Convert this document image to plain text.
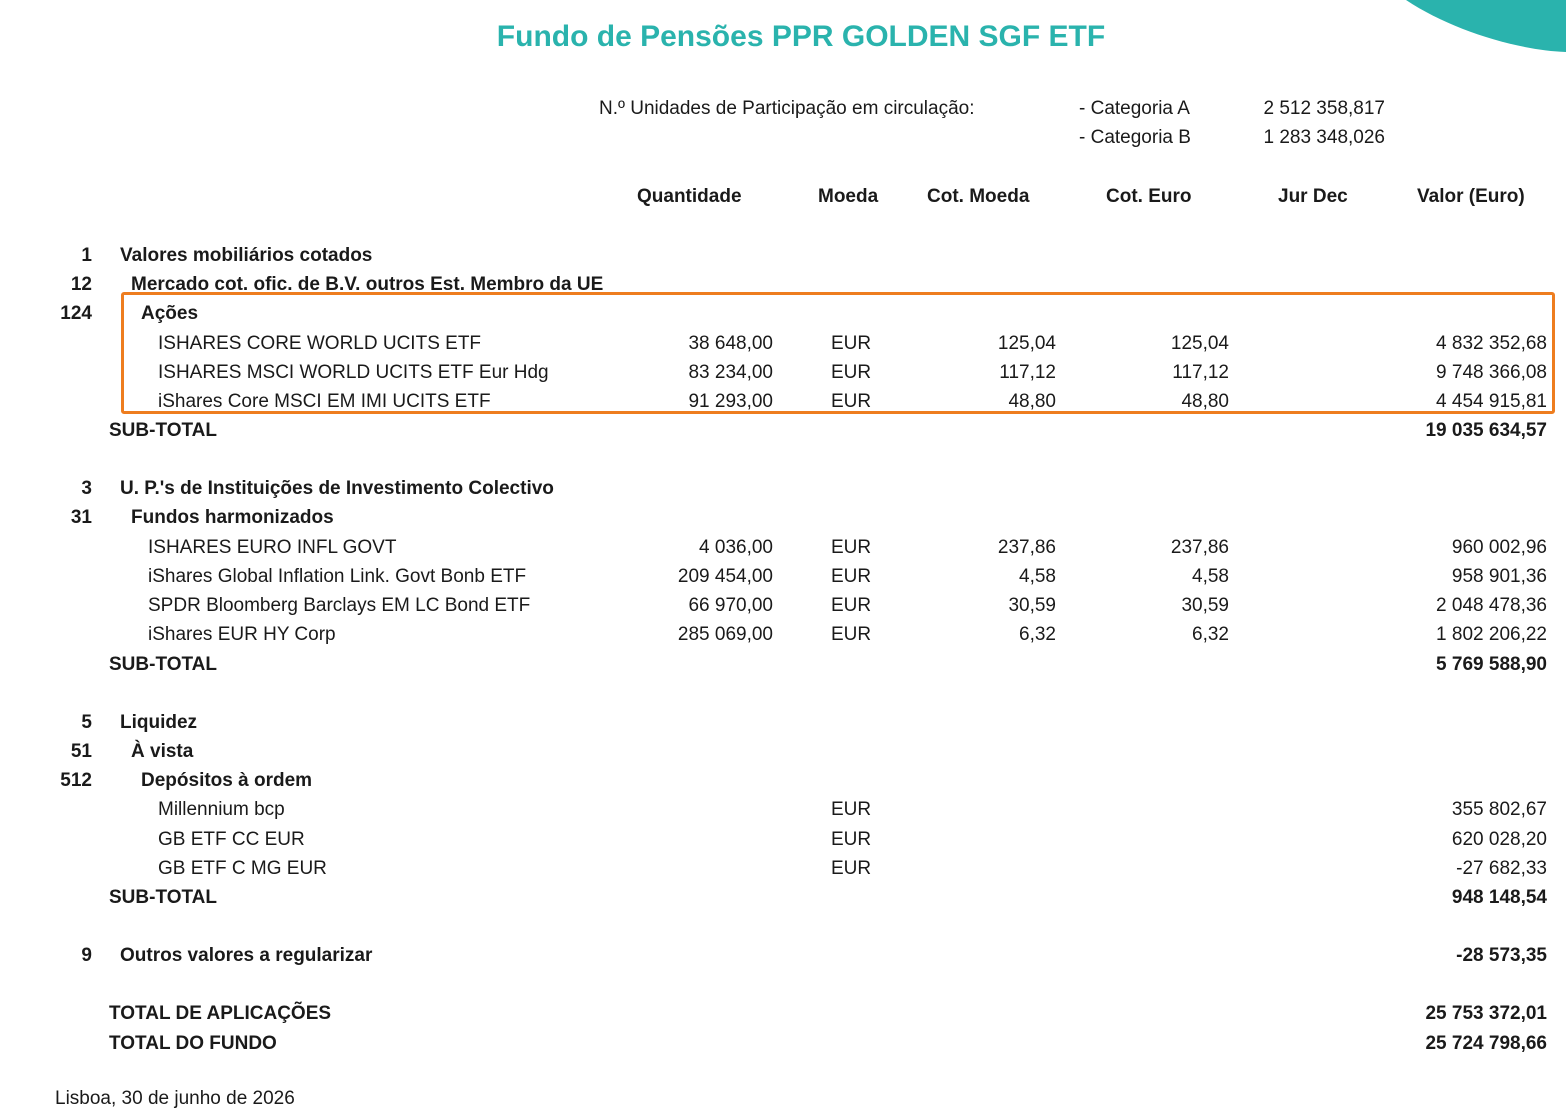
Fundo de Pensões PPR GOLDEN SGF ETF
N.º Unidades de Participação em circulação:	- Categoria A	2 512 358,817
- Categoria B	1 283 348,026
Quantidade	Moeda	Cot. Moeda	Cot. Euro	Jur Dec	Valor (Euro)
1 Valores mobiliários cotados
12 Mercado cot. ofic. de B.V. outros Est. Membro da UE
124	Ações
ISHARES CORE WORLD UCITS ETF	38 648,00	EUR	125,04	125,04	4 832 352,68
ISHARES MSCI WORLD UCITS ETF Eur Hdg	83 234,00	EUR	117,12	117,12	9 748 366,08
iShares Core MSCI EM IMI UCITS ETF	91 293,00	EUR	48,80	48,80	4 454 915,81
SUB-TOTAL	19 035 634,57
3 U. P.'s de Instituições de Investimento Colectivo
31 Fundos harmonizados
ISHARES EURO INFL GOVT	4 036,00	EUR	237,86	237,86	960 002,96
iShares Global Inflation Link. Govt Bonb ETF	209 454,00	EUR	4,58	4,58	958 901,36
SPDR Bloomberg Barclays EM LC Bond ETF	66 970,00	EUR	30,59	30,59	2 048 478,36
iShares EUR HY Corp	285 069,00	EUR	6,32	6,32	1 802 206,22
SUB-TOTAL	5 769 588,90
5 Liquidez
51 À vista
512	Depósitos à ordem
Millennium bcp	EUR	355 802,67
GB ETF CC EUR	EUR	620 028,20
GB ETF C MG EUR	EUR	-27 682,33
SUB-TOTAL	948 148,54
9 Outros valores a regularizar	-28 573,35
TOTAL DE APLICAÇÕES	25 753 372,01
TOTAL DO FUNDO	25 724 798,66
Lisboa, 30 de junho de 2026
